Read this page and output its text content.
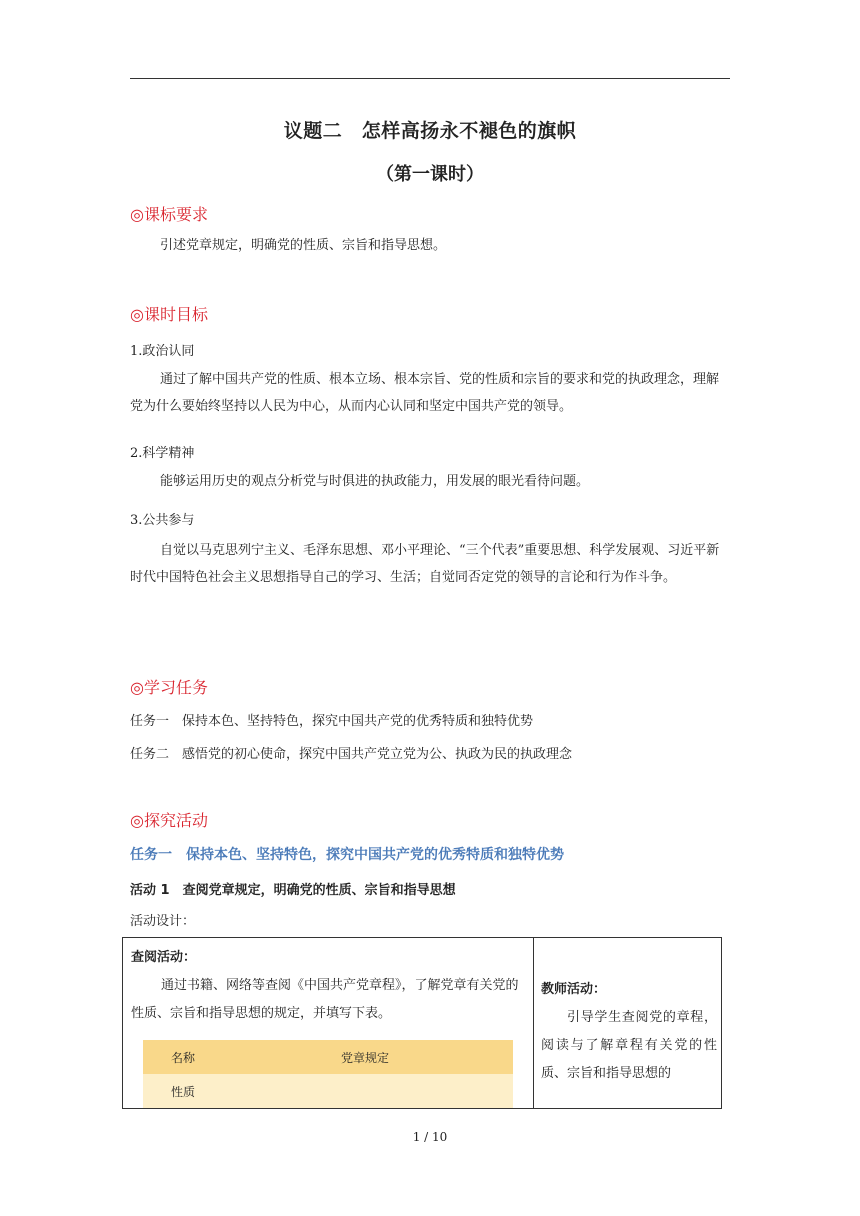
议题二　怎样高扬永不褪色的旗帜
（第一课时）
◎课标要求
引述党章规定，明确党的性质、宗旨和指导思想。
◎课时目标
1.政治认同
通过了解中国共产党的性质、根本立场、根本宗旨、党的性质和宗旨的要求和党的执政理念，理解党为什么要始终坚持以人民为中心，从而内心认同和坚定中国共产党的领导。
2.科学精神
能够运用历史的观点分析党与时俱进的执政能力，用发展的眼光看待问题。
3.公共参与
自觉以马克思列宁主义、毛泽东思想、邓小平理论、“三个代表”重要思想、科学发展观、习近平新时代中国特色社会主义思想指导自己的学习、生活；自觉同否定党的领导的言论和行为作斗争。
◎学习任务
任务一　保持本色、坚持特色，探究中国共产党的优秀特质和独特优势
任务二　感悟党的初心使命，探究中国共产党立党为公、执政为民的执政理念
◎探究活动
任务一　保持本色、坚持特色，探究中国共产党的优秀特质和独特优势
活动 1　查阅党章规定，明确党的性质、宗旨和指导思想
活动设计：
查阅活动：
通过书籍、网络等查阅《中国共产党章程》，了解党章有关党的性质、宗旨和指导思想的规定，并填写下表。
名称	党章规定
性质
教师活动：
引导学生查阅党的章程，阅读与了解章程有关党的性质、宗旨和指导思想的
1 / 10
